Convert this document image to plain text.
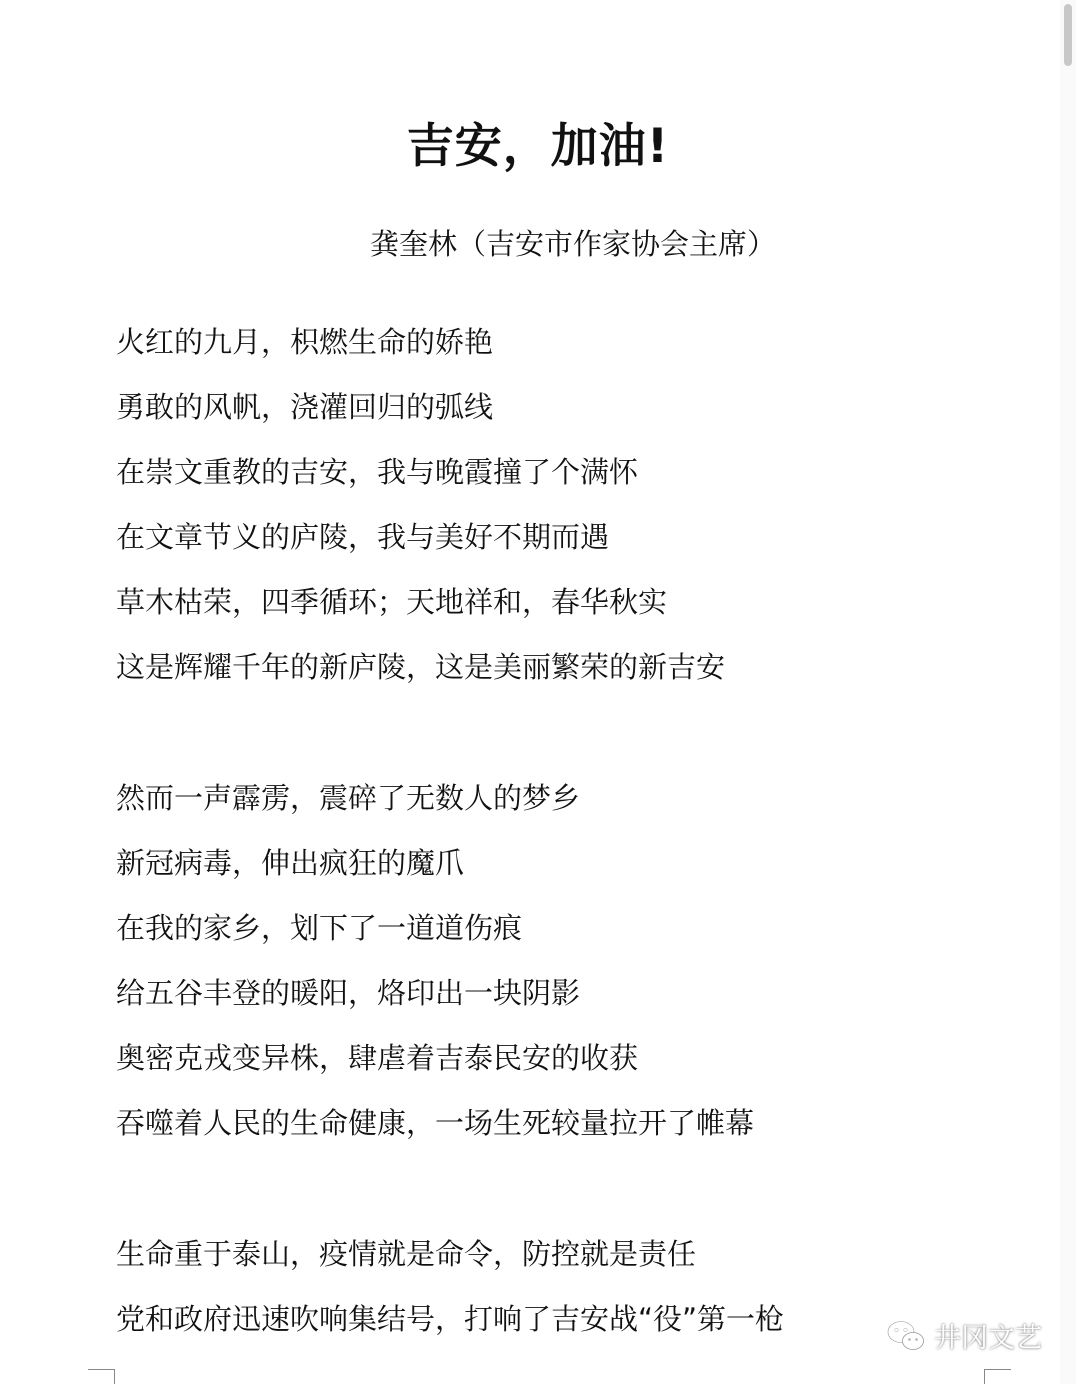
吉安，加油!

龚奎林（吉安市作家协会主席）

火红的九月，枳燃生命的娇艳

勇敢的风帆，浇灌回归的弧线

在崇文重教的吉安，我与晚霞撞了个满怀

在文章节义的庐陵，我与美好不期而遇

草木枯荣，四季循环；天地祥和，春华秋实

这是辉耀千年的新庐陵，这是美丽繁荣的新吉安

然而一声霹雳，震碎了无数人的梦乡

新冠病毒，伸出疯狂的魔爪

在我的家乡，划下了一道道伤痕

给五谷丰登的暖阳，烙印出一块阴影

奥密克戎变异株，肆虐着吉泰民安的收获

吞噬着人民的生命健康，一场生死较量拉开了帷幕

生命重于泰山，疫情就是命令，防控就是责任

党和政府迅速吹响集结号，打响了吉安战“役”第一枪

井冈文艺
